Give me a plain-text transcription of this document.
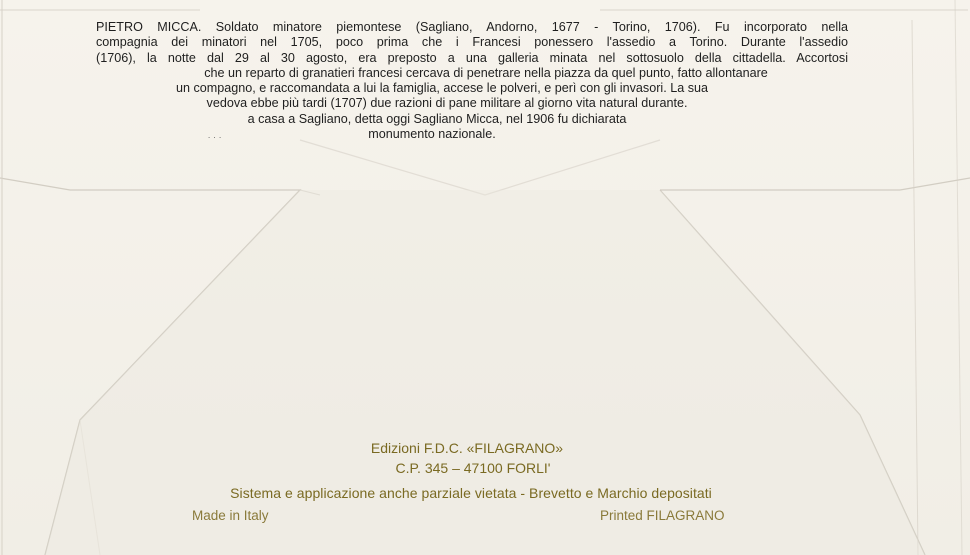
PIETRO MICCA. Soldato minatore piemontese (Sagliano, Andorno, 1677 - Torino, 1706). Fu incorporato nella
compagnia dei minatori nel 1705, poco prima che i Francesi ponessero l'assedio a Torino. Durante l'assedio
(1706), la notte dal 29 al 30 agosto, era preposto a una galleria minata nel sottosuolo della cittadella. Accortosi
che un reparto di granatieri francesi cercava di penetrare nella piazza da quel punto, fatto allontanare
un compagno, e raccomandata a lui la famiglia, accese le polveri, e perì con gli invasori. La sua
vedova ebbe più tardi (1707) due razioni di pane militare al giorno vita natural durante.
a casa a Sagliano, detta oggi Sagliano Micca, nel 1906 fu dichiarata
monumento nazionale.
˙ ˙ ˙
Edizioni F.D.C. «FILAGRANO»
C.P. 345 – 47100 FORLI'
Sistema e applicazione anche parziale vietata - Brevetto e Marchio depositati
Made in Italy	Printed FILAGRANO
